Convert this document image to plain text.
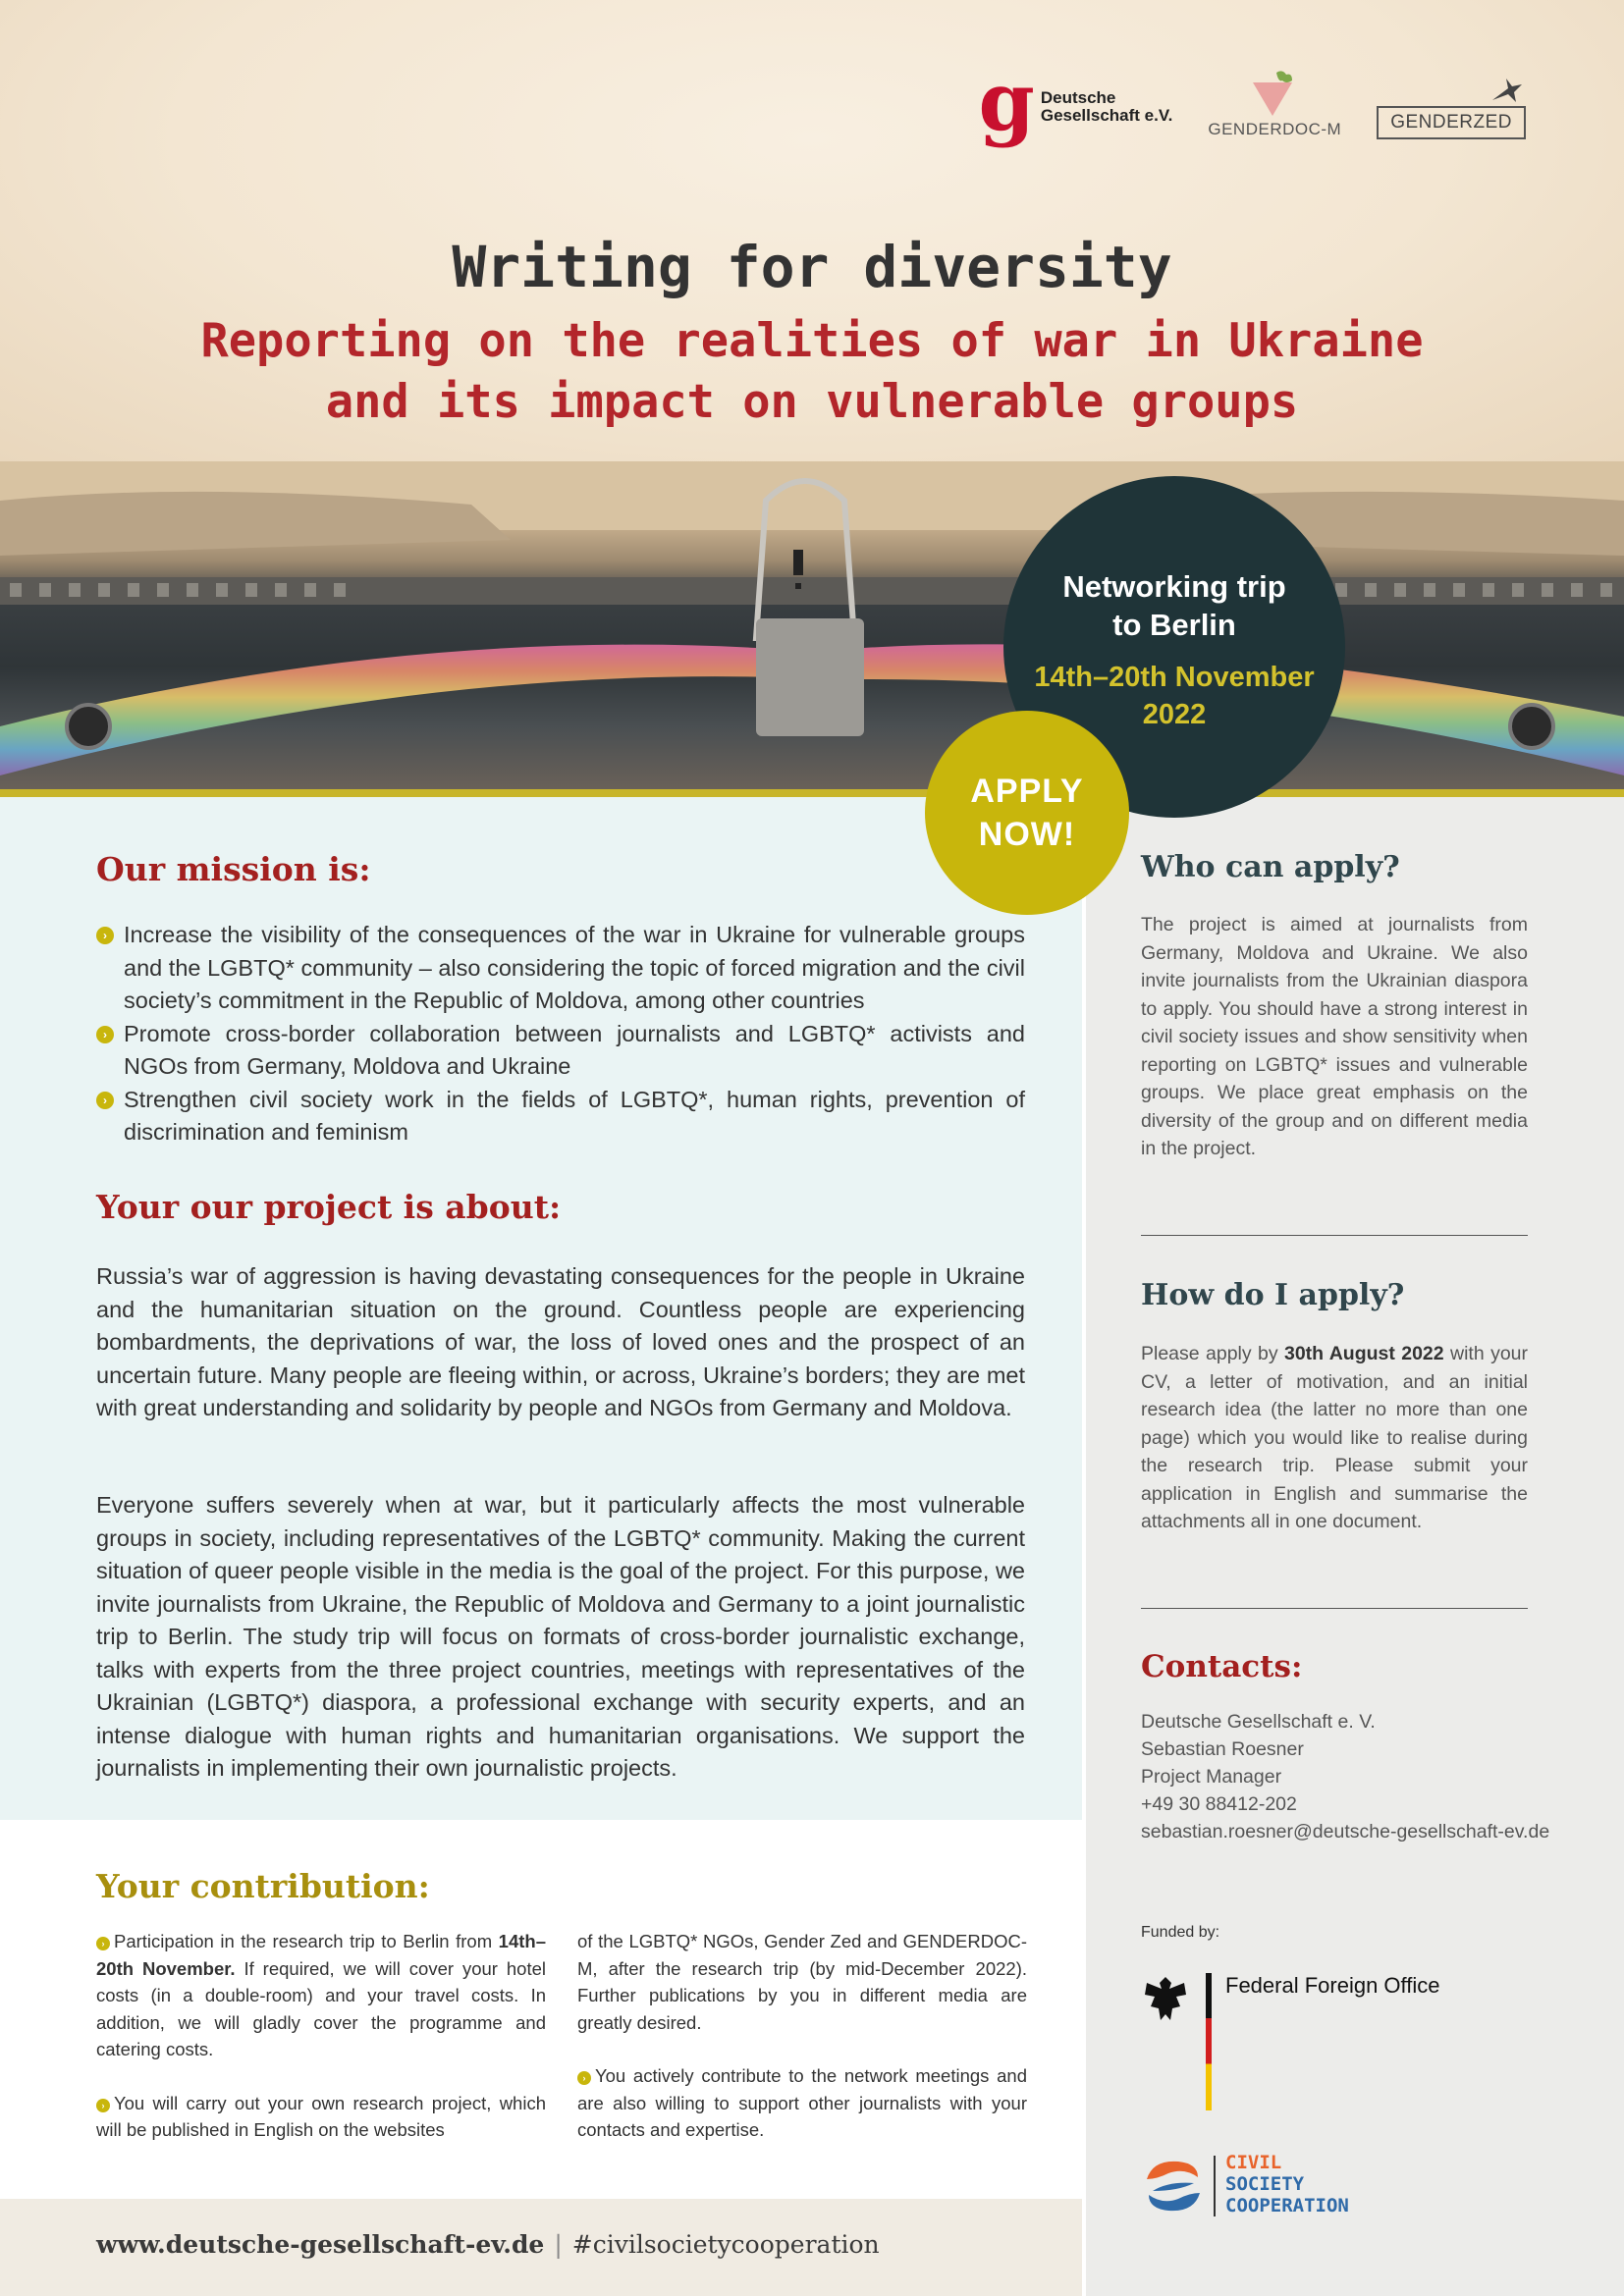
g Deutsche
Gesellschaft e.V.
GENDERDOC-M	GENDERZED
Writing for diversity
Reporting on the realities of war in Ukraine
and its impact on vulnerable groups
Networking trip
to Berlin
14th–20th November
2022
APPLY
NOW!
Our mission is:
› Increase the visibility of the consequences of the war in Ukraine for vulnerable groups and the LGBTQ* community – also considering the topic of forced migration and the civil society’s commitment in the Republic of Moldova, among other countries
› Promote cross-border collaboration between journalists and LGBTQ* activists and NGOs from Germany, Moldova and Ukraine
› Strengthen civil society work in the fields of LGBTQ*, human rights, prevention of discrimination and feminism
Your our project is about:

Russia’s war of aggression is having devastating consequences for the people in Ukraine and the humanitarian situation on the ground. Countless people are experiencing bombardments, the deprivations of war, the loss of loved ones and the prospect of an uncertain future. Many people are fleeing within, or across, Ukraine’s borders; they are met with great understanding and solidarity by people and NGOs from Germany and Moldova.

Everyone suffers severely when at war, but it particularly affects the most vulnerable groups in society, including representatives of the LGBTQ* community. Making the current situation of queer people visible in the media is the goal of the project. For this purpose, we invite journalists from Ukraine, the Republic of Moldova and Germany to a joint journalistic trip to Berlin. The study trip will focus on formats of cross-border journalistic exchange, talks with experts from the three project countries, meetings with representatives of the Ukrainian (LGBTQ*) diaspora, a professional exchange with security experts, and an intense dialogue with human rights and humanitarian organisations. We support the journalists in implementing their own journalistic projects.

Your contribution:

› Participation in the research trip to Berlin from 14th–20th November. If required, we will cover your hotel costs (in a double-room) and your travel costs. In addition, we will gladly cover the programme and catering costs.

› You will carry out your own research project, which will be published in English on the websites

of the LGBTQ* NGOs, Gender Zed and GENDERDOC-M, after the research trip (by mid-December 2022). Further publications by you in different media are greatly desired.

› You actively contribute to the network meetings and are also willing to support other journalists with your contacts and expertise.

Who can apply?

The project is aimed at journalists from Germany, Moldova and Ukraine. We also invite journalists from the Ukrainian diaspora to apply. You should have a strong interest in civil society issues and show sensitivity when reporting on LGBTQ* issues and vulnerable groups. We place great emphasis on the diversity of the group and on different media in the project.

How do I apply?

Please apply by 30th August 2022 with your CV, a letter of motivation, and an initial research idea (the latter no more than one page) which you would like to realise during the research trip. Please submit your application in English and summarise the attachments all in one document.

Contacts:
Deutsche Gesellschaft e. V.
Sebastian Roesner
Project Manager
+49 30 88412-202
sebastian.roesner@deutsche-gesellschaft-ev.de

Funded by:

Federal Foreign Office
CIVIL
SOCIETY
COOPERATION
www.deutsche-gesellschaft-ev.de | #civilsocietycooperation
